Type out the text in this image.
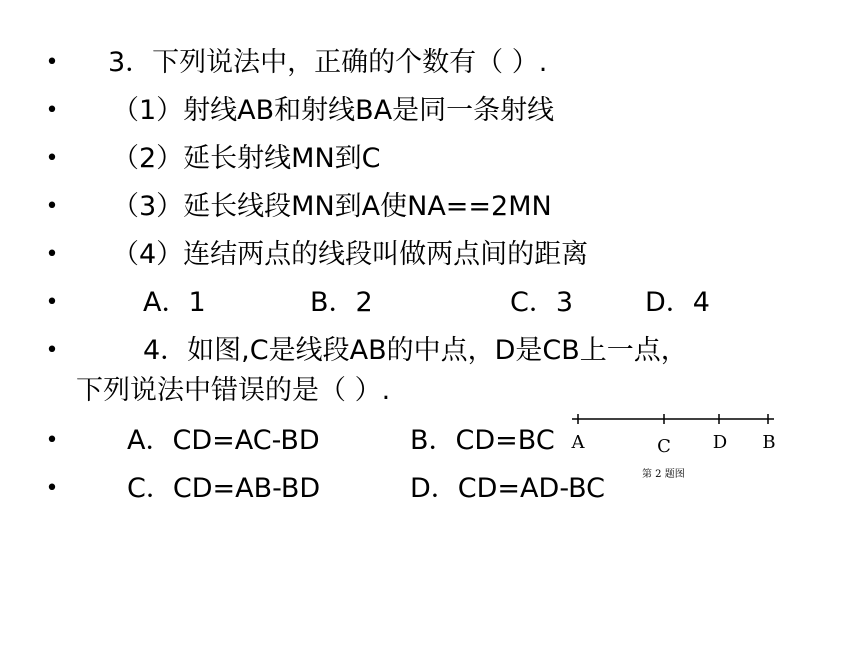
• 3．下列说法中，正确的个数有（ ）.
• （1）射线AB和射线BA是同一条射线
• （2）延长射线MN到C
• （3）延长线段MN到A使NA==2MN
• （4）连结两点的线段叫做两点间的距离
•	A．1	B．2	C．3	D．4
•	4．如图,C是线段AB的中点，D是CB上一点，
下列说法中错误的是（ ）.
•	A．CD=AC-BD	B．CD=BC
•	C．CD=AB-BD	D．CD=AD-BC
A	C D B
第 2 题图
